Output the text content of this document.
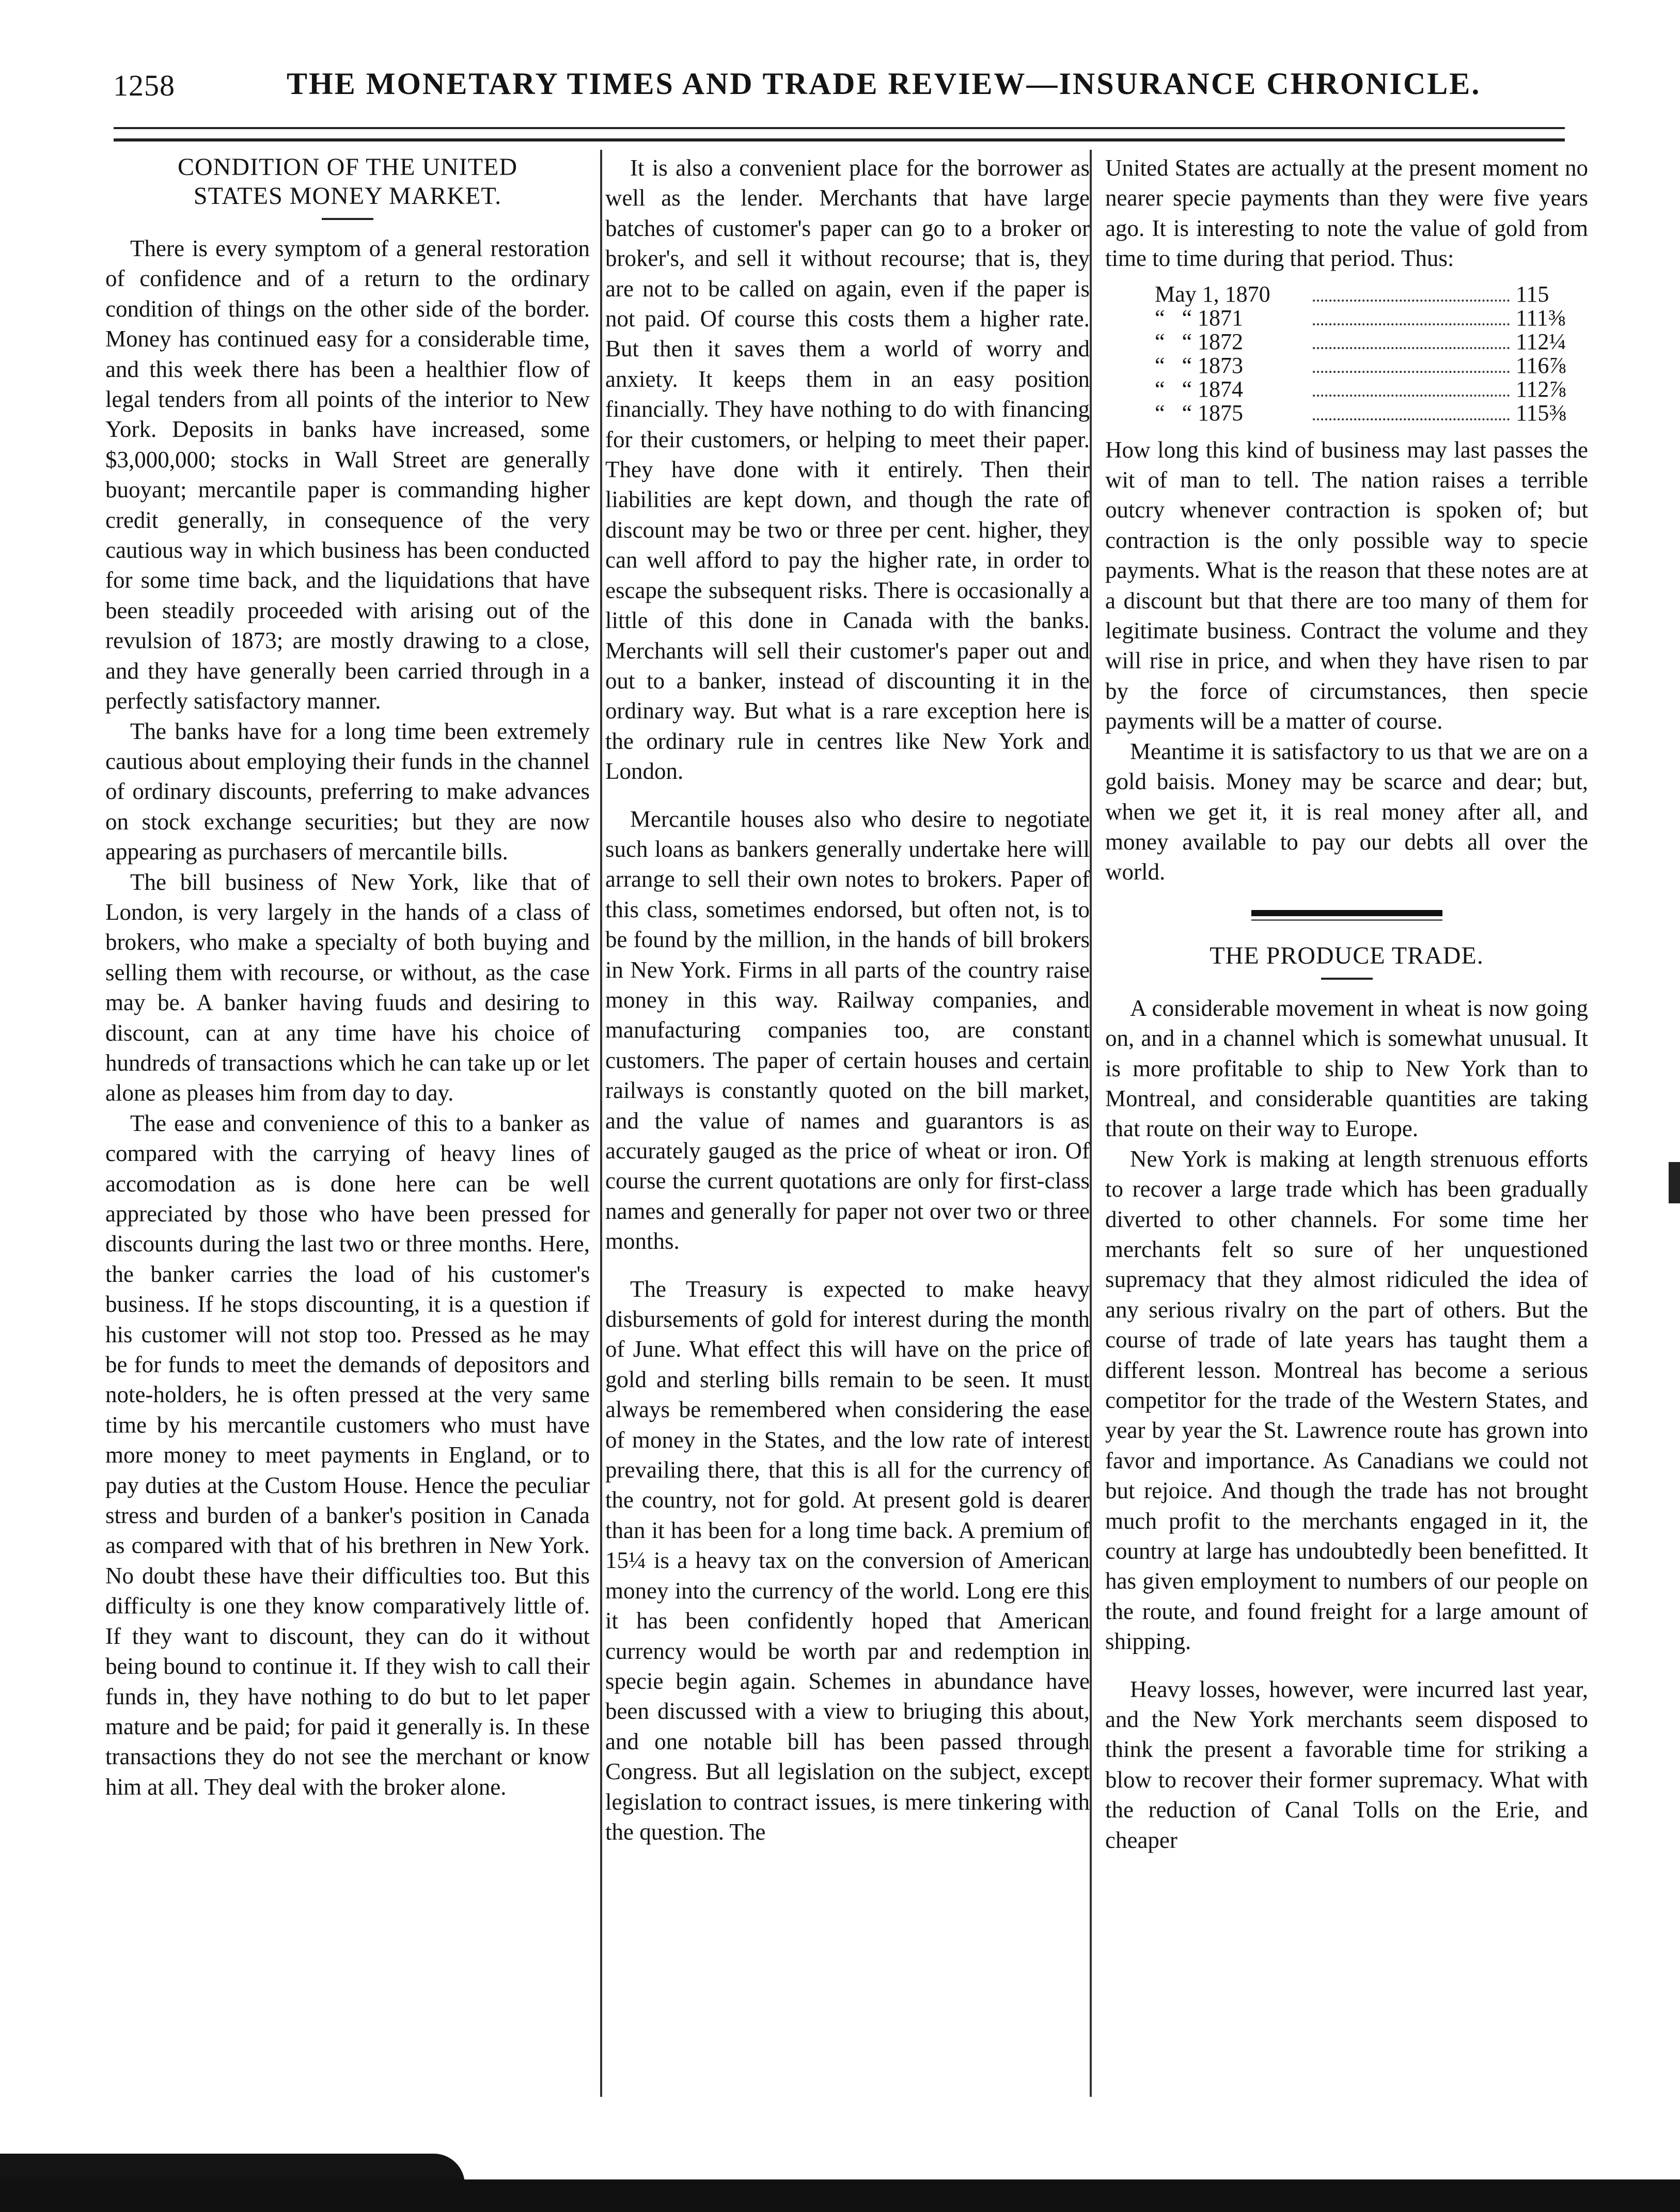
1258	THE MONETARY TIMES AND TRADE REVIEW—INSURANCE CHRONICLE.
CONDITION OF THE UNITED
STATES MONEY MARKET.

There is every symptom of a general restoration of confidence and of a return to the ordinary condition of things on the other side of the border. Money has continued easy for a considerable time, and this week there has been a healthier flow of legal tenders from all points of the interior to New York. Deposits in banks have increased, some $3,000,000; stocks in Wall Street are generally buoyant; mercantile paper is commanding higher credit generally, in consequence of the very cautious way in which business has been conducted for some time back, and the liquidations that have been steadily proceeded with arising out of the revulsion of 1873; are mostly drawing to a close, and they have generally been carried through in a perfectly satisfactory manner.

The banks have for a long time been extremely cautious about employing their funds in the channel of ordinary discounts, preferring to make advances on stock exchange securities; but they are now appearing as purchasers of mercantile bills.

The bill business of New York, like that of London, is very largely in the hands of a class of brokers, who make a specialty of both buying and selling them with recourse, or without, as the case may be. A banker having fuuds and desiring to discount, can at any time have his choice of hundreds of transactions which he can take up or let alone as pleases him from day to day.

The ease and convenience of this to a banker as compared with the carrying of heavy lines of accomodation as is done here can be well appreciated by those who have been pressed for discounts during the last two or three months. Here, the banker carries the load of his customer's business. If he stops discounting, it is a question if his customer will not stop too. Pressed as he may be for funds to meet the demands of depositors and note-holders, he is often pressed at the very same time by his mercantile customers who must have more money to meet payments in England, or to pay duties at the Custom House. Hence the peculiar stress and burden of a banker's position in Canada as compared with that of his brethren in New York. No doubt these have their difficulties too. But this difficulty is one they know comparatively little of. If they want to discount, they can do it without being bound to continue it. If they wish to call their funds in, they have nothing to do but to let paper mature and be paid; for paid it generally is. In these transactions they do not see the merchant or know him at all. They deal with the broker alone.

It is also a convenient place for the borrower as well as the lender. Merchants that have large batches of customer's paper can go to a broker or broker's, and sell it without recourse; that is, they are not to be called on again, even if the paper is not paid. Of course this costs them a higher rate. But then it saves them a world of worry and anxiety. It keeps them in an easy position financially. They have nothing to do with financing for their customers, or helping to meet their paper. They have done with it entirely. Then their liabilities are kept down, and though the rate of discount may be two or three per cent. higher, they can well afford to pay the higher rate, in order to escape the subsequent risks. There is occasionally a little of this done in Canada with the banks. Merchants will sell their customer's paper out and out to a banker, instead of discounting it in the ordinary way. But what is a rare exception here is the ordinary rule in centres like New York and London.

Mercantile houses also who desire to negotiate such loans as bankers generally undertake here will arrange to sell their own notes to brokers. Paper of this class, sometimes endorsed, but often not, is to be found by the million, in the hands of bill brokers in New York. Firms in all parts of the country raise money in this way. Railway companies, and manufacturing companies too, are constant customers. The paper of certain houses and certain railways is constantly quoted on the bill market, and the value of names and guarantors is as accurately gauged as the price of wheat or iron. Of course the current quotations are only for first-class names and generally for paper not over two or three months.

The Treasury is expected to make heavy disbursements of gold for interest during the month of June. What effect this will have on the price of gold and sterling bills remain to be seen. It must always be remembered when considering the ease of money in the States, and the low rate of interest prevailing there, that this is all for the currency of the country, not for gold. At present gold is dearer than it has been for a long time back. A premium of 15¼ is a heavy tax on the conversion of American money into the currency of the world. Long ere this it has been confidently hoped that American currency would be worth par and redemption in specie begin again. Schemes in abundance have been discussed with a view to briuging this about, and one notable bill has been passed through Congress. But all legislation on the subject, except legislation to contract issues, is mere tinkering with the question. The

United States are actually at the present moment no nearer specie payments than they were five years ago. It is interesting to note the value of gold from time to time during that period. Thus:

May 1, 1870	115
“   “ 1871	111⅜
“   “ 1872	112¼
“   “ 1873	116⅞
“   “ 1874	112⅞
“   “ 1875	115⅜

How long this kind of business may last passes the wit of man to tell. The nation raises a terrible outcry whenever contraction is spoken of; but contraction is the only possible way to specie payments. What is the reason that these notes are at a discount but that there are too many of them for legitimate business. Contract the volume and they will rise in price, and when they have risen to par by the force of circumstances, then specie payments will be a matter of course.

Meantime it is satisfactory to us that we are on a gold baisis. Money may be scarce and dear; but, when we get it, it is real money after all, and money available to pay our debts all over the world.

THE PRODUCE TRADE.

A considerable movement in wheat is now going on, and in a channel which is somewhat unusual. It is more profitable to ship to New York than to Montreal, and considerable quantities are taking that route on their way to Europe.

New York is making at length strenuous efforts to recover a large trade which has been gradually diverted to other channels. For some time her merchants felt so sure of her unquestioned supremacy that they almost ridiculed the idea of any serious rivalry on the part of others. But the course of trade of late years has taught them a different lesson. Montreal has become a serious competitor for the trade of the Western States, and year by year the St. Lawrence route has grown into favor and importance. As Canadians we could not but rejoice. And though the trade has not brought much profit to the merchants engaged in it, the country at large has undoubtedly been benefitted. It has given employment to numbers of our people on the route, and found freight for a large amount of shipping.

Heavy losses, however, were incurred last year, and the New York merchants seem disposed to think the present a favorable time for striking a blow to recover their former supremacy. What with the reduction of Canal Tolls on the Erie, and cheaper
